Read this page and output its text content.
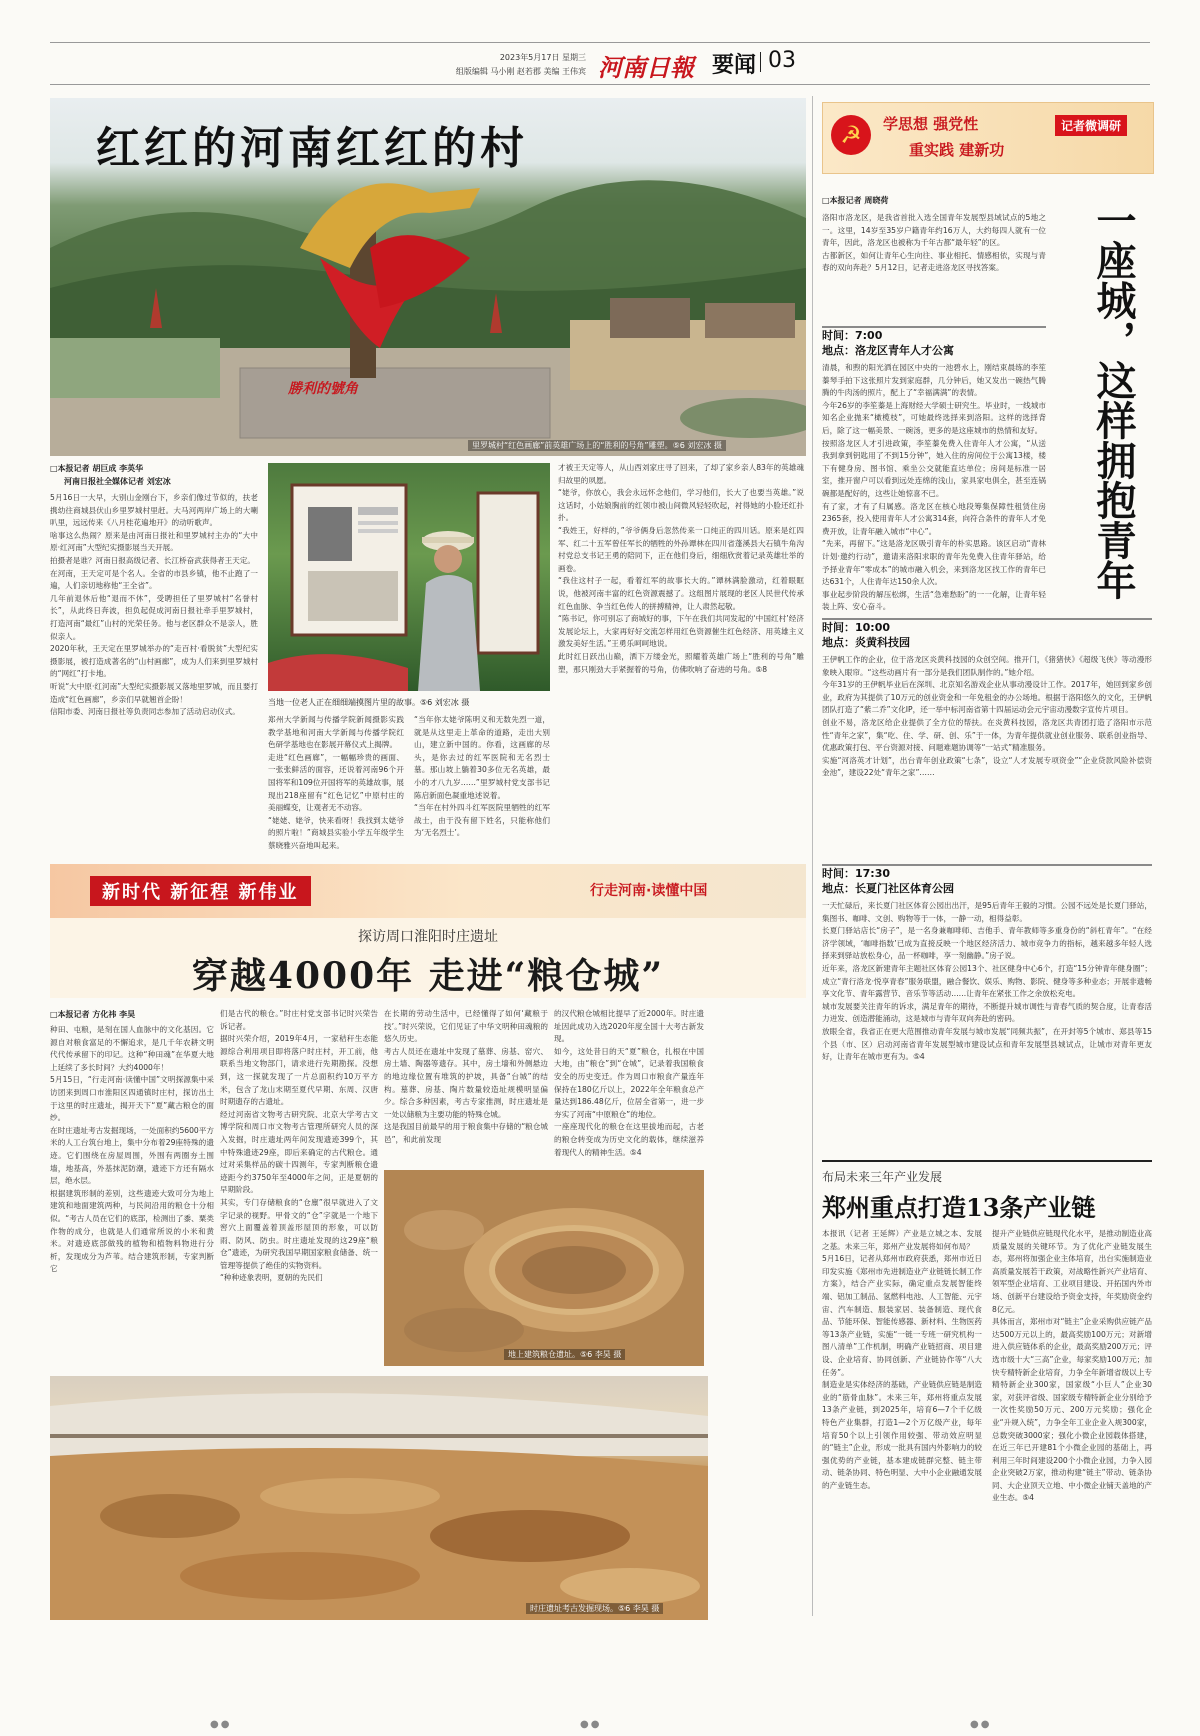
2023年5月17日 星期三
组版编辑 马小刚 赵若郡 美编 王伟宾 河南日報 要闻 03
红红的河南红红的村
勝利的號角
里罗城村“红色画廊”前英雄广场上的“胜利的号角”雕塑。⑤6 刘宏冰 摄
□本报记者 胡巨成 李英华
河南日报社全媒体记者 刘宏冰
5月16日一大早，大别山金刚台下，乡亲们像过节似的，扶老携幼往商城县伏山乡里罗城村里赶。大马河两岸广场上的大喇叭里，远远传来《八月桂花遍地开》的动听歌声。
啥事这么热闹？原来是由河南日报社和里罗城村主办的“大中原·红河南”大型纪实摄影展当天开展。
拍摄者是谁？河南日报高级记者、长江桥奋武获得者王天定。
在河南，王天定可是个名人。全省的市县乡镇，他不止跑了一遍，人们亲切地称他“王全省”。
几年前退休后他“退而不休”，受聘担任了里罗城村“名誉村长”，从此终日奔波，担负起促成河南日报社牵手里罗城村，打造河南“最红”山村的光荣任务。他与老区群众不是亲人，胜似亲人。
2020年秋，王天定在里罗城举办的“走百村·看脱贫”大型纪实摄影展，被打造成著名的“山村画廊”，成为人们来到里罗城村的“网红”打卡地。
听说“大中原·红河南”大型纪实摄影展又落地里罗城，而且要打造成“红色画廊”，乡亲们早就翘首企盼！
信阳市委、河南日报社等负责同志参加了活动启动仪式。
当地一位老人正在细细端摸图片里的故事。⑤6 刘宏冰 摄
郑州大学新闻与传播学院新闻摄影实践教学基地和河南大学新闻与传播学院红色研学基地也在影展开幕仪式上揭牌。
走进“红色画廊”，一幅幅珍贵的画面、一张张鲜活的面容，还说着河南96个开国将军和109位开国将军的英雄故事，展现出218座留有“红色记忆”中原村庄的美丽蝶变，让观者无不动容。
“姥姥、姥爷，快来看呀！我找到太姥爷的照片啦！”商城县实验小学五年级学生蔡晓雅兴奋地叫起来。
“当年你太姥爷陈明义和无数先烈一道，就是从这里走上革命的道路，走出大别山，建立新中国的。你看，这画廊的尽头，是你去过的红军医院和无名烈士墓。那山坡上躺着30多位无名英雄，最小的才八九岁……”里罗城村党支部书记陈启新面色凝重地述说着。
“当年在村外四斗红军医院里牺牲的红军战士，由于没有留下姓名，只能称他们为‘无名烈士’。
才被王天定等人，从山西刘家庄寻了回来，了却了家乡亲人83年的英雄魂归故里的夙愿。
“姥爷，你放心，我会永远怀念他们，学习他们，长大了也要当英雄。”说这话时，小姑娘胸前的红领巾被山间微风轻轻吹起，衬得她的小脸还红扑扑。
“我姓王，好样的，”爷爷俩身后忽然传来一口纯正的四川话。原来是红四军、红二十五军曾任军长的牺牲的外孙谭林在四川省蓬溪县大石镇牛角沟村党总支书记王勇的陪同下，正在他们身后，细细欣赏着记录英雄壮举的画卷。
“我住这村子一起，看着红军的故事长大的。”谭林满脸激动，红着眼眶说，他被河南丰富的红色资源震撼了。这组图片展现的老区人民世代传承红色血脉、争当红色传人的拼搏精神，让人肃然起敬。
“陈书记，你可别忘了商城好的事，下午在我们共同发起的‘中国红村’经济发展论坛上，大家再好好交流怎样用红色资源催生红色经济、用英雄主义激发美好生活。”王勇乐呵呵地说。
此时红日跃出山巅，洒下万缕金光，照耀着英雄广场上“胜利的号角”雕塑，那只刚劲大手紧握着的号角，仿佛吹响了奋进的号角。⑤8
☭	学思想 强党性
重实践 建新功
记者微调研
□本报记者 周晓荷
洛阳市洛龙区，是我省首批入选全国青年发展型县域试点的5地之一。这里，14岁至35岁户籍青年约16万人，大约每四人就有一位青年，因此，洛龙区也被称为千年古都“最年轻”的区。
古都新区，如何让青年心生向往、事业相托、情感相依，实现与青春的双向奔赴？5月12日，记者走进洛龙区寻找答案。	一座城，这样拥抱青年
时间：7:00
地点：洛龙区青年人才公寓
清晨，和煦的阳光洒在园区中央的一池碧水上，刚结束晨练的李笙蓁琴手拍下这张照片发到家庭群，几分钟后，她又发出一碗热气腾腾的牛肉汤的照片，配上了“幸福满满”的表情。
今年26岁的李笙蓁是上海财经大学硕士研究生。毕业时，一线城市知名企业抛来“橄榄枝”，可她最终选择来到洛阳。这样的选择背后，除了这一幅美景、一碗汤，更多的是这座城市的热情和友好。
按照洛龙区人才引进政策，李笙蓁免费入住青年人才公寓，“从送我到拿到钥匙用了不到15分钟”，她入住的房间位于公寓13楼，楼下有健身房、图书馆、乘坐公交就能直达单位；房间是标准一居室，推开窗户可以看到远处连绵的浅山，家具家电俱全，甚至连锅碗都是配好的，这些让她惊喜不已。
有了家，才有了归属感。洛龙区在核心地段筹集保障性租赁住房2365套，投入使用青年人才公寓314套，向符合条件的青年人才免费开放，让青年融入城市“中心”。
“先来，再留下。”这是洛龙区吸引青年的朴实思路。该区启动“青林计划·邀约行动”，邀请来洛阳求职的青年先免费入住青年驿站，给予择业青年“零成本”的城市融入机会，来到洛龙区找工作的青年已达631个，人住青年达150余人次。
事业起步阶段的解压松绑，生活“急难愁盼”的一一化解，让青年轻装上阵、安心奋斗。
时间：10:00
地点：炎黄科技园
王伊帆工作的企业，位于洛龙区炎黄科技园的众创空间。推开门，《猪猪侠》《超级飞侠》等动漫形象映入眼帘。“这些动画片有一部分是我们团队制作的。”她介绍。
今年31岁的王伊帆毕业后在深圳、北京知名游戏企业从事动漫设计工作。2017年，她回到家乡创业，政府为其提供了10万元的创业资金和一年免租金的办公场地。根据于洛阳悠久的文化，王伊帆团队打造了“紫二乔”文化IP，还一举中标河南省第十四届运动会元宇宙动漫数字宣传片项目。
创业不易，洛龙区给企业提供了全方位的帮扶。在炎黄科技园，洛龙区共青团打造了洛阳市示范性“青年之家”，集“吃、住、学、研、创、乐”于一体，为青年提供就业创业服务、联系创业指导、优惠政策打包、平台资源对接、问题难题协调等“一站式”精准服务。
实施“河洛英才计划”，出台青年创业政策“七条”，设立“人才发展专项资金”“企业贷款风险补偿资金池”，建设22处“青年之家”……
时间：17:30
地点：长夏门社区体育公园
一天忙碌后，来长夏门社区体育公园出出汗，是95后青年王毅的习惯。公园不远处是长夏门驿站，集图书、咖啡、文创、购物等于一体，一静一动，相得益彰。
长夏门驿站店长“房子”，是一名身兼咖啡师、吉他手、青年教师等多重身份的“斜杠青年”。“在经济学领域，‘咖啡指数’已成为直接反映一个地区经济活力、城市竞争力的指标，越来越多年轻人选择来到驿站放松身心，品一杯咖啡，享一刻幽静。”房子说。
近年来，洛龙区新建青年主题社区体育公园13个、社区健身中心6个，打造“15分钟青年健身圈”；成立“青行洛龙·悦享青春”服务联盟，融合餐饮、娱乐、购物、影院、健身等多种业态；开展非遗畅享文化节、青年露营节、音乐节等活动……让青年在紧张工作之余放松充电。
城市发展要关注青年的诉求，满足青年的期待，不断提升城市调性与青春气质的契合度，让青春活力迸发、创造潜能涌动，这是城市与青年双向奔赴的密码。
放眼全省，我省正在更大范围推动青年发展与城市发展“同频共振”，在开封等5个城市、郑县等15个县（市、区）启动河南省青年发展型城市建设试点和青年发展型县城试点，让城市对青年更友好，让青年在城市更有为。⑤4
布局未来三年产业发展
郑州重点打造13条产业链
本报讯（记者 王延辉）产业是立城之本、发展之基。未来三年，郑州产业发展将如何布局？
5月16日，记者从郑州市政府获悉，郑州市近日印发实施《郑州市先进制造业产业链链长制工作方案》，结合产业实际，确定重点发展智能终端、铝加工制品、氢燃料电池、人工智能、元宇宙、汽车制造、服装家居、装备制造、现代食品、节能环保、智能传感器、新材料、生物医药等13条产业链，实施“一链一专班一研究机构一图八清单”工作机制，明确产业链招商、项目建设、企业培育、协同创新、产业链协作等“八大任务”。
制造业是实体经济的基础，产业链供应链是制造业的“筋骨血脉”。未来三年，郑州将重点发展13条产业链，到2025年，培育6—7个千亿级特色产业集群，打造1—2个万亿级产业，每年培育50个以上引领作用较强、带动效应明显的“链主”企业，形成一批具有国内外影响力的较强优势的产业链，基本建成链群完整、链主带动、链条协同、特色明显、大中小企业融通发展的产业链生态。
提升产业链供应链现代化水平，是推动制造业高质量发展的关键环节。为了优化产业链发展生态，郑州将加强企业主体培育，出台实施制造业高质量发展若干政策，对战略性新兴产业培育、领军型企业培育、工业项目建设、开拓国内外市场、创新平台建设给予资金支持，年奖励资金约8亿元。
具体而言，郑州市对“链主”企业采购供应链产品达500万元以上的，最高奖励100万元；对新增进入供应链体系的企业，最高奖励200万元；评选市级十大“三高”企业，每家奖励100万元；加快专精特新企业培育，力争全年新增省级以上专精特新企业300家，国家级“小巨人”企业30家，对获评省级、国家级专精特新企业分别给予一次性奖励50万元、200万元奖励；强化企业“升规入统”，力争全年工业企业入规300家，总数突破3000家；强化小微企业园载体搭建，在近三年已开建81个小微企业园的基础上，再利用三年时间建设200个小微企业园，力争入园企业突破2万家，推动构建“链主”带动、链条协同、大企业顶天立地、中小微企业铺天盖地的产业生态。⑤4
新时代 新征程 新伟业	行走河南·读懂中国
探访周口淮阳时庄遗址
穿越4000年 走进“粮仓城”
□本报记者 方化祎 李昊
种田、屯粮，是刻在国人血脉中的文化基因。它源自对粮食富足的不懈追求，是几千年农耕文明代代传承留下的印记。这种“种田魂”在华夏大地上延续了多长时间？大约4000年！
5月15日，“行走河南·读懂中国”文明探源集中采访团来到周口市淮阳区四通镇时庄村，探访出土于这里的时庄遗址，揭开天下“夏”藏古粮仓的面纱。
在时庄遗址考古发掘现场，一处面积约5600平方米的人工台筑台地上，集中分布着29座特殊的遗迹。它们围绕在房屋周围，外围有两圈夯土围墙，地基高，外基抹泥防潮，遗迹下方还有隔水层，绝水层。
根据建筑形制的差别，这些遗迹大致可分为地上建筑和地面建筑两种，与民间沿用的粮仓十分相似。“考古人员在它们的底部，检测出了黍、粟类作物的成分，也就是人们通常所说的小米和黄米。对遗迹底部做残的植物和植物料物进行分析，发现成分为芦苇。结合建筑形制，专家判断它
们是古代的粮仓。”时庄村党支部书记时兴荣告诉记者。
据时兴荣介绍，2019年4月，一家秸秆生态能源综合利用项目即将落户时庄村，开工前，他联系当地文物部门，请求进行先期勘探。没想到，这一探就发现了一片总面积约10万平方米，包含了龙山末期至夏代早期、东周、汉唐时期遗存的古遗址。
经过河南省文物考古研究院、北京大学考古文博学院和周口市文物考古管理所研究人员的深入发掘，时庄遗址两年间发现遗迹399个，其中特殊遗迹29座，即后来确定的古代粮仓。通过对采集样品的碳十四测年，专家判断粮仓遗迹距今约3750年至4000年之间，正是夏朝的早期阶段。
其实，专门存储粮食的“仓廪”很早就进入了文字记录的视野。甲骨文的“仓”字就是一个地下窖穴上面覆盖着顶盖形屋顶的形象，可以防雨、防风、防虫。时庄遗址发现的这29座“粮仓”遗迹，为研究我国早期国家粮食储备、统一管理等提供了绝佳的实物资料。
“种种迹象表明，夏朝的先民们
在长期的劳动生活中，已经懂得了如何‘藏粮于技’。”时兴荣说，它们见证了中华文明种田魂粮的悠久历史。
考古人员还在遗址中发现了墓葬、房基、窑穴、房土墙、陶器等遗存。其中，房土墙和外侧悬边的地边缘位置有堆筑的护坡，具备“台城”的结构。墓葬、房基、陶片数量较造址规模明显偏少。综合多种因素，考古专家推测，时庄遗址是一处以储粮为主要功能的特殊仓城。
这是我国目前最早的用于粮食集中存储的“粮仓城邑”，和此前发现
的汉代粮仓城相比提早了近2000年。时庄遗址因此成功入选2020年度全国十大考古新发现。
如今，这处昔日的天“夏”粮仓，扎根在中国大地，由“粮仓”到“仓城”，记录着我国粮食安全的历史变迁。作为周口市粮食产量连年保持在180亿斤以上，2022年全年粮食总产量达到186.48亿斤，位居全省第一，进一步夯实了河南“中原粮仓”的地位。
一座座现代化的粮仓在这里拔地而起，古老的粮仓转变成为历史文化的载体，继续滋养着现代人的精神生活。⑤4
地上建筑粮仓遗址。⑤6 李昊 摄
时庄遗址考古发掘现场。⑤6 李昊 摄
●●	●●	●●
